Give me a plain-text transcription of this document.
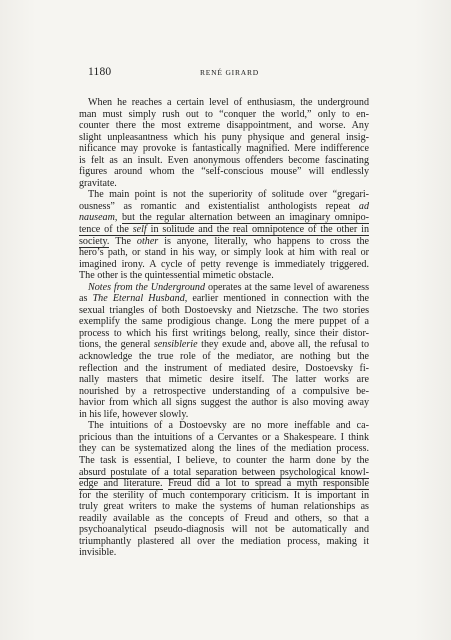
1180	RENÉ GIRARD
When he reaches a certain level of enthusiasm, the underground
man must simply rush out to “conquer the world,” only to en-
counter there the most extreme disappointment, and worse. Any
slight unpleasantness which his puny physique and general insig-
nificance may provoke is fantastically magnified. Mere indifference
is felt as an insult. Even anonymous offenders become fascinating
figures around whom the “self-conscious mouse” will endlessly
gravitate.
The main point is not the superiority of solitude over “gregari-
ousness” as romantic and existentialist anthologists repeat ad
nauseam, but the regular alternation between an imaginary omnipo-
tence of the self in solitude and the real omnipotence of the other in
society. The other is anyone, literally, who happens to cross the
hero’s path, or stand in his way, or simply look at him with real or
imagined irony. A cycle of petty revenge is immediately triggered.
The other is the quintessential mimetic obstacle.
Notes from the Underground operates at the same level of awareness
as The Eternal Husband, earlier mentioned in connection with the
sexual triangles of both Dostoevsky and Nietzsche. The two stories
exemplify the same prodigious change. Long the mere puppet of a
process to which his first writings belong, really, since their distor-
tions, the general sensiblerie they exude and, above all, the refusal to
acknowledge the true role of the mediator, are nothing but the
reflection and the instrument of mediated desire, Dostoevsky fi-
nally masters that mimetic desire itself. The latter works are
nourished by a retrospective understanding of a compulsive be-
havior from which all signs suggest the author is also moving away
in his life, however slowly.
The intuitions of a Dostoevsky are no more ineffable and ca-
pricious than the intuitions of a Cervantes or a Shakespeare. I think
they can be systematized along the lines of the mediation process.
The task is essential, I believe, to counter the harm done by the
absurd postulate of a total separation between psychological knowl-
edge and literature. Freud did a lot to spread a myth responsible
for the sterility of much contemporary criticism. It is important in
truly great writers to make the systems of human relationships as
readily available as the concepts of Freud and others, so that a
psychoanalytical pseudo-diagnosis will not be automatically and
triumphantly plastered all over the mediation process, making it
invisible.
